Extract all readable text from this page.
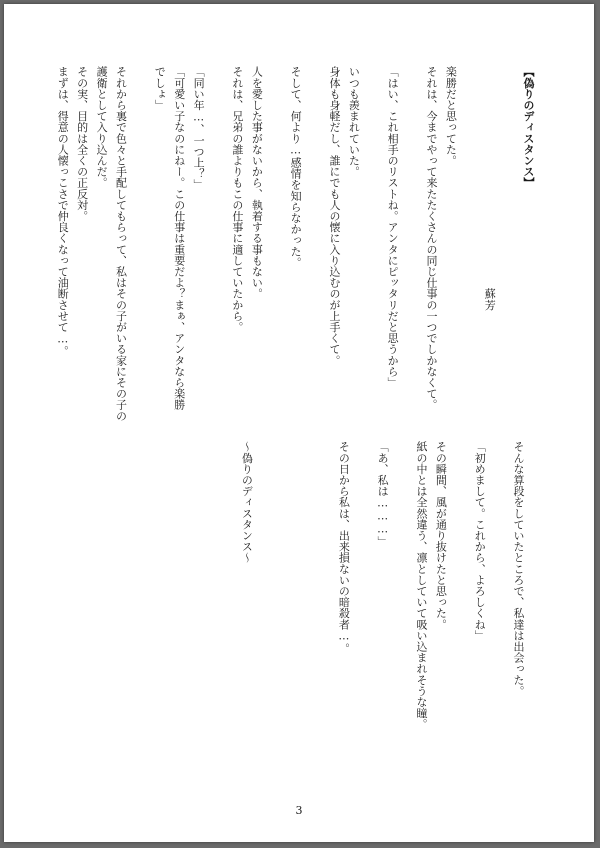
【偽りのディスタンス】

　　　　　　　　　　　　　　　　　　　　蘇芳

楽勝だと思ってた。
それは、今までやって来たたくさんの同じ仕事の一つでしかなくて。

「はい、これ相手のリストね。アンタにピッタリだと思うから」

いつも羨まれていた。
身体も身軽だし、誰にでも人の懐に入り込むのが上手くて。

そして、何より…感情を知らなかった。

人を愛した事がないから、執着する事もない。
それは、兄弟の誰よりもこの仕事に適していたから。

「同い年…、一つ上？」
「可愛い子なのにねー。この仕事は重要だよ？まぁ、アンタなら楽勝
でしょ」

それから裏で色々と手配してもらって、私はその子がいる家にその子の
護衛として入り込んだ。
その実、目的は全くの正反対。
まずは、得意の人懐っこさで仲良くなって油断させて…。
そんな算段をしていたところで、私達は出会った。

「初めまして。これから、よろしくね」

その瞬間、風が通り抜けたと思った。
紙の中とは全然違う、凛としていて吸い込まれそうな瞳。

「あ、私は………」

その日から私は、出来損ないの暗殺者…。

～偽りのディスタンス～
3
